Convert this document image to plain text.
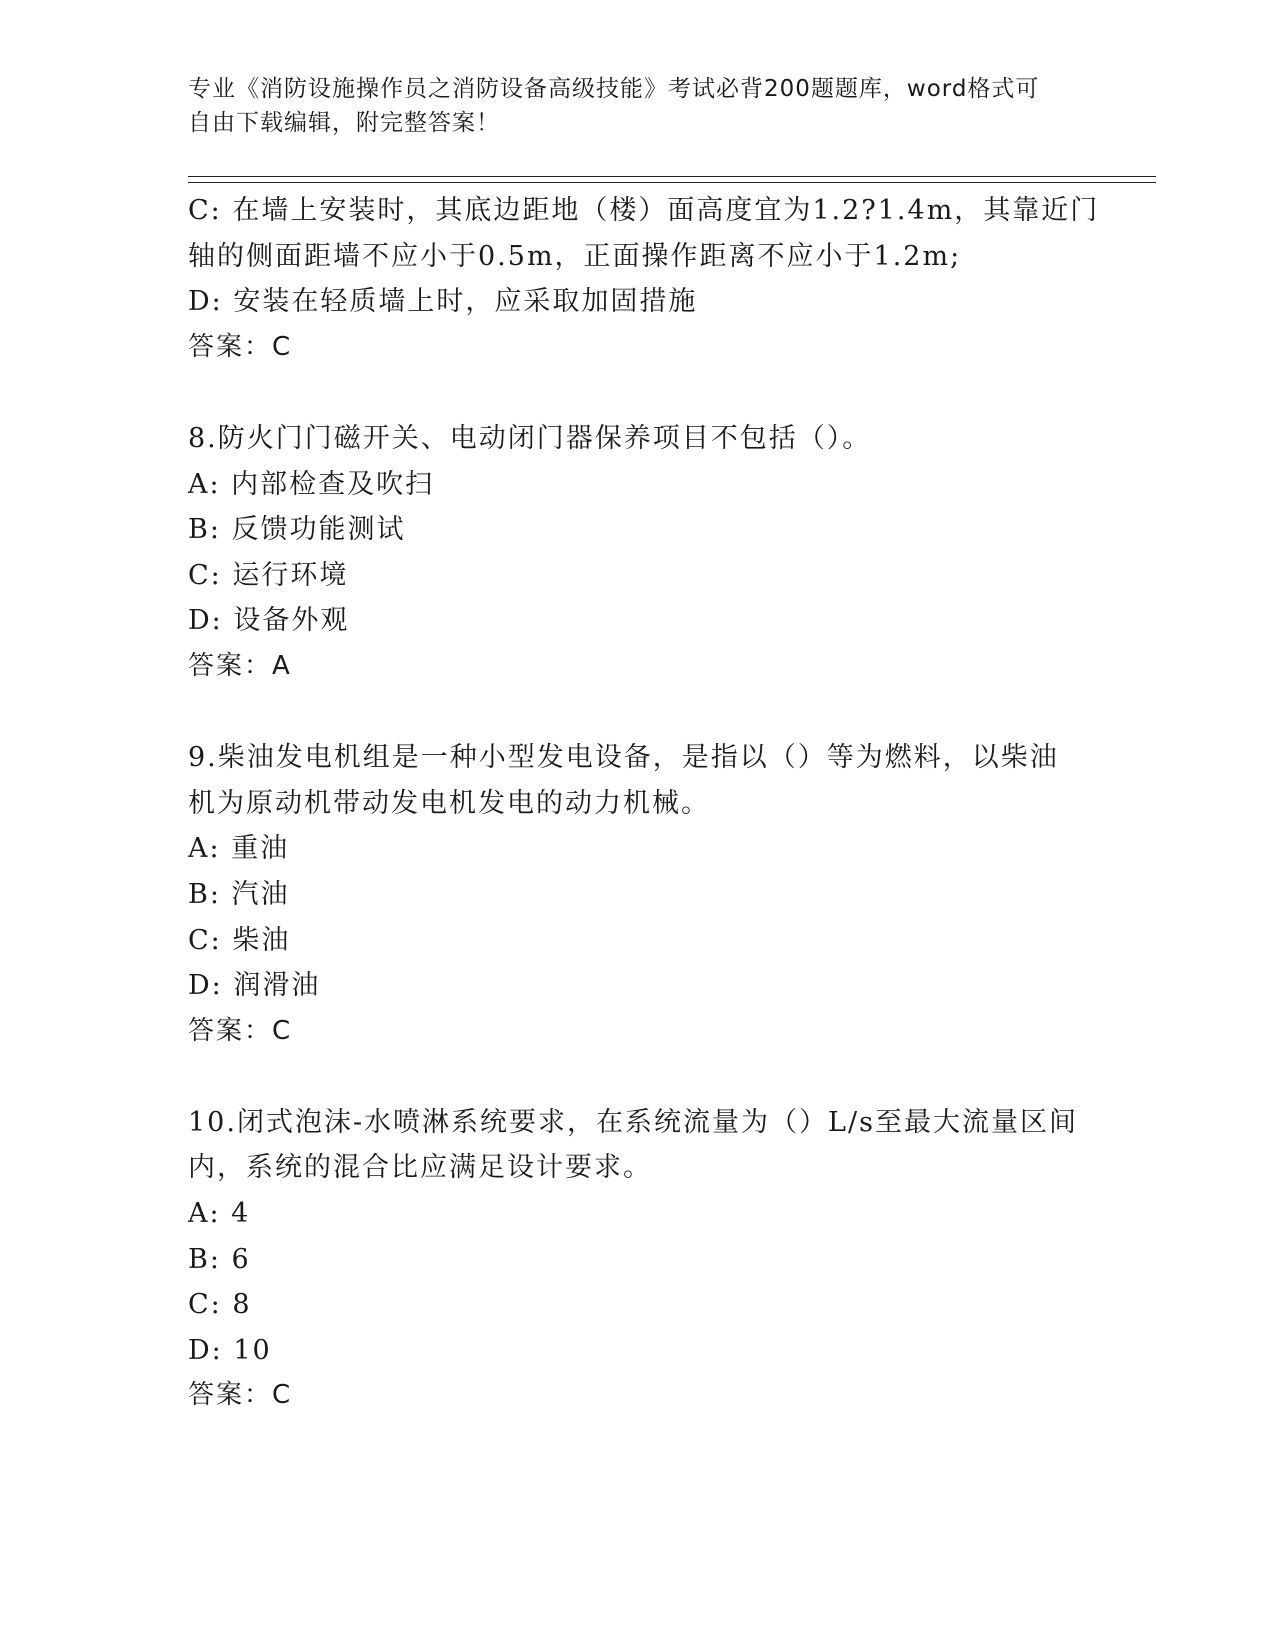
专业《消防设施操作员之消防设备高级技能》考试必背200题题库，word格式可
自由下载编辑，附完整答案！
C: 在墙上安装时，其底边距地（楼）面高度宜为1.2?1.4m，其靠近门
轴的侧面距墙不应小于0.5m，正面操作距离不应小于1.2m;
D: 安装在轻质墙上时，应采取加固措施
答案：C
8.防火门门磁开关、电动闭门器保养项目不包括（）。
A: 内部检查及吹扫
B: 反馈功能测试
C: 运行环境
D: 设备外观
答案：A
9.柴油发电机组是一种小型发电设备，是指以（）等为燃料，以柴油
机为原动机带动发电机发电的动力机械。
A: 重油
B: 汽油
C: 柴油
D: 润滑油
答案：C
10.闭式泡沫-水喷淋系统要求，在系统流量为（）L/s至最大流量区间
内，系统的混合比应满足设计要求。
A: 4
B: 6
C: 8
D: 10
答案：C
